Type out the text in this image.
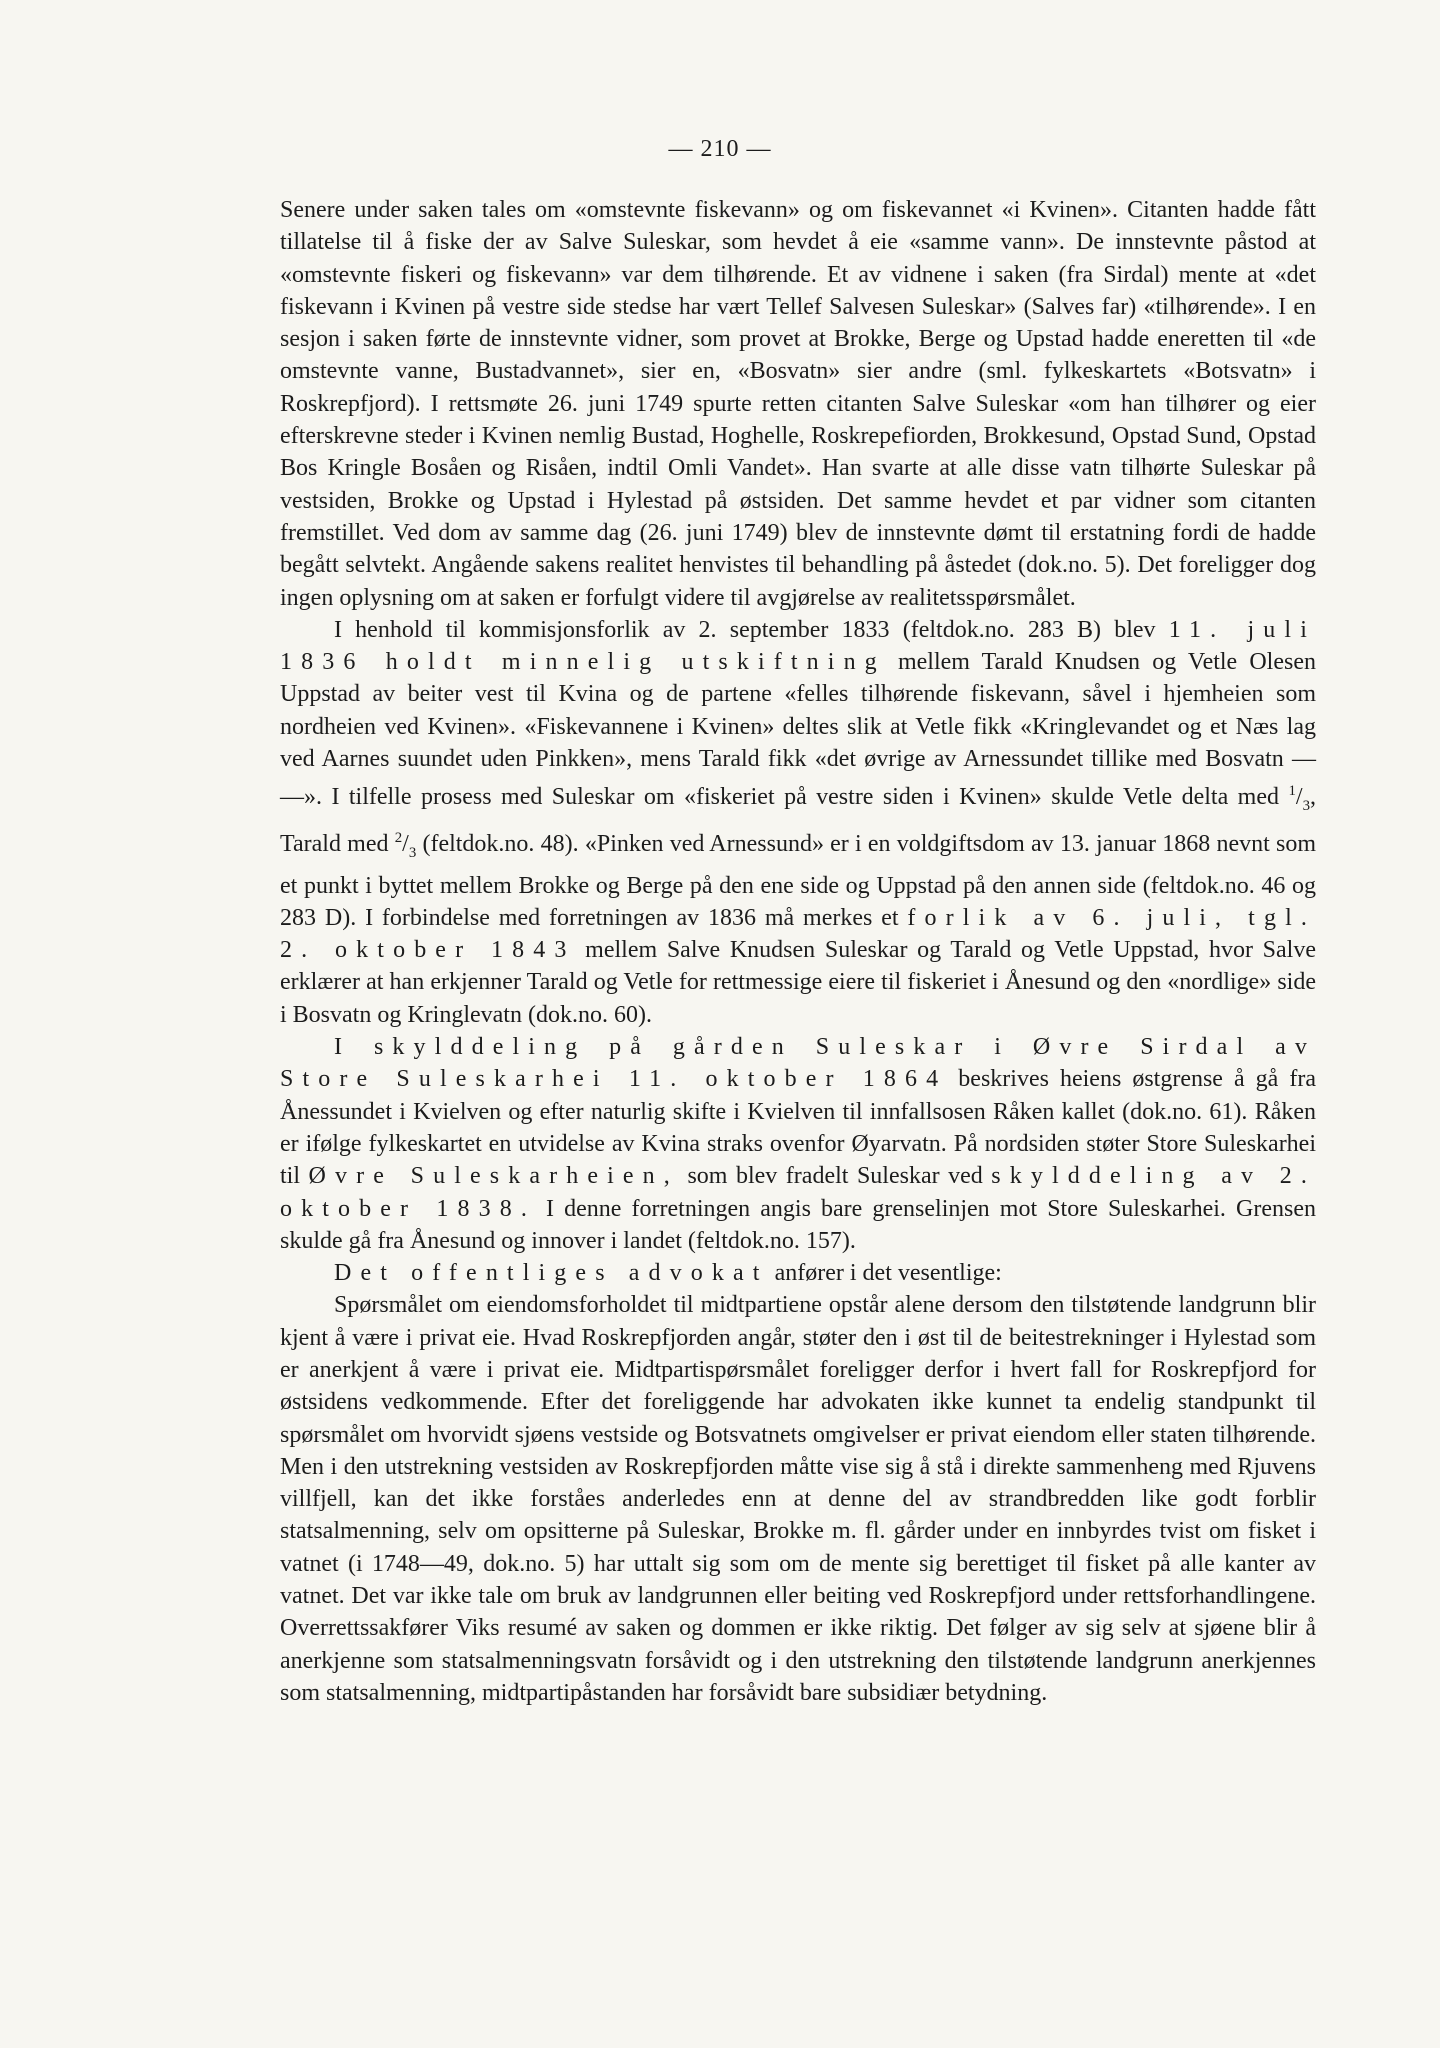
— 210 —

Senere under saken tales om «omstevnte fiskevann» og om fiskevannet «i Kvinen». Citanten hadde fått tillatelse til å fiske der av Salve Suleskar, som hevdet å eie «samme vann». De innstevnte påstod at «omstevnte fiskeri og fiskevann» var dem tilhørende. Et av vidnene i saken (fra Sirdal) mente at «det fiskevann i Kvinen på vestre side stedse har vært Tellef Salvesen Suleskar» (Salves far) «tilhørende». I en sesjon i saken førte de innstevnte vidner, som provet at Brokke, Berge og Upstad hadde eneretten til «de omstevnte vanne, Bustadvannet», sier en, «Bosvatn» sier andre (sml. fylkeskartets «Botsvatn» i Roskrepfjord). I rettsmøte 26. juni 1749 spurte retten citanten Salve Suleskar «om han tilhører og eier efterskrevne steder i Kvinen nemlig Bustad, Hoghelle, Roskrepefiorden, Brokkesund, Opstad Sund, Opstad Bos Kringle Bosåen og Risåen, indtil Omli Vandet». Han svarte at alle disse vatn tilhørte Suleskar på vestsiden, Brokke og Upstad i Hylestad på østsiden. Det samme hevdet et par vidner som citanten fremstillet. Ved dom av samme dag (26. juni 1749) blev de innstevnte dømt til erstatning fordi de hadde begått selvtekt. Angående sakens realitet henvistes til behandling på åstedet (dok.no. 5). Det foreligger dog ingen oplysning om at saken er forfulgt videre til avgjørelse av realitetsspørsmålet.

I henhold til kommisjonsforlik av 2. september 1833 (feltdok.no. 283 B) blev 11. juli 1836 holdt minnelig utskiftning mellem Tarald Knudsen og Vetle Olesen Uppstad av beiter vest til Kvina og de partene «felles tilhørende fiskevann, såvel i hjemheien som nordheien ved Kvinen». «Fiskevannene i Kvinen» deltes slik at Vetle fikk «Kringlevandet og et Næs lag ved Aarnes suundet uden Pinkken», mens Tarald fikk «det øvrige av Arnessundet tillike med Bosvatn — —». I tilfelle prosess med Suleskar om «fiskeriet på vestre siden i Kvinen» skulde Vetle delta med $^1/_3$, Tarald med $^2/_3$ (feltdok.no. 48). «Pinken ved Arnessund» er i en voldgiftsdom av 13. januar 1868 nevnt som et punkt i byttet mellem Brokke og Berge på den ene side og Uppstad på den annen side (feltdok.no. 46 og 283 D). I forbindelse med forretningen av 1836 må merkes et forlik av 6. juli, tgl. 2. oktober 1843 mellem Salve Knudsen Suleskar og Tarald og Vetle Uppstad, hvor Salve erklærer at han erkjenner Tarald og Vetle for rettmessige eiere til fiskeriet i Ånesund og den «nordlige» side i Bosvatn og Kringlevatn (dok.no. 60).

I skylddeling på gården Suleskar i Øvre Sirdal av Store Suleskarhei 11. oktober 1864 beskrives heiens østgrense å gå fra Ånessundet i Kvielven og efter naturlig skifte i Kvielven til innfallsosen Råken kallet (dok.no. 61). Råken er ifølge fylkeskartet en utvidelse av Kvina straks ovenfor Øyarvatn. På nordsiden støter Store Suleskarhei til Øvre Suleskarheien, som blev fradelt Suleskar ved skylddeling av 2. oktober 1838. I denne forretningen angis bare grenselinjen mot Store Suleskarhei. Grensen skulde gå fra Ånesund og innover i landet (feltdok.no. 157).

Det offentliges advokat anfører i det vesentlige:

Spørsmålet om eiendomsforholdet til midtpartiene opstår alene dersom den tilstøtende landgrunn blir kjent å være i privat eie. Hvad Roskrepfjorden angår, støter den i øst til de beitestrekninger i Hylestad som er anerkjent å være i privat eie. Midtpartispørsmålet foreligger derfor i hvert fall for Roskrepfjord for østsidens vedkommende. Efter det foreliggende har advokaten ikke kunnet ta endelig standpunkt til spørsmålet om hvorvidt sjøens vestside og Botsvatnets omgivelser er privat eiendom eller staten tilhørende. Men i den utstrekning vestsiden av Roskrepfjorden måtte vise sig å stå i direkte sammenheng med Rjuvens villfjell, kan det ikke forståes anderledes enn at denne del av strandbredden like godt forblir statsalmenning, selv om opsitterne på Suleskar, Brokke m. fl. gårder under en innbyrdes tvist om fisket i vatnet (i 1748—49, dok.no. 5) har uttalt sig som om de mente sig berettiget til fisket på alle kanter av vatnet. Det var ikke tale om bruk av landgrunnen eller beiting ved Roskrepfjord under rettsforhandlingene. Overrettssakfører Viks resumé av saken og dommen er ikke riktig. Det følger av sig selv at sjøene blir å anerkjenne som statsalmenningsvatn forsåvidt og i den utstrekning den tilstøtende landgrunn anerkjennes som statsalmenning, midtpartipåstanden har forsåvidt bare subsidiær betydning.
